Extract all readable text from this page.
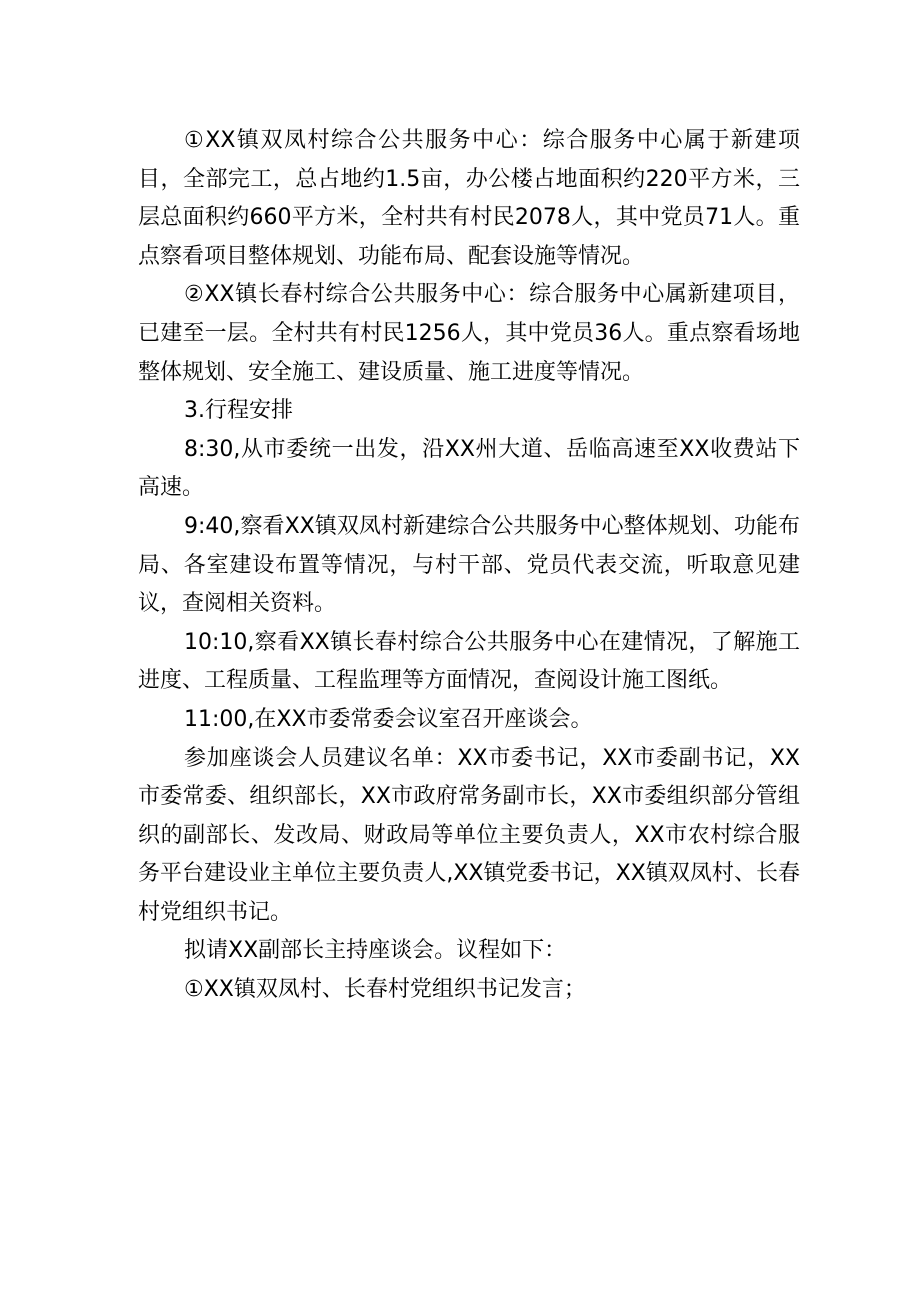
①XX镇双凤村综合公共服务中心：综合服务中心属于新建项目，全部完工，总占地约1.5亩，办公楼占地面积约220平方米，三层总面积约660平方米，全村共有村民2078人，其中党员71人。重点察看项目整体规划、功能布局、配套设施等情况。

②XX镇长春村综合公共服务中心：综合服务中心属新建项目，已建至一层。全村共有村民1256人，其中党员36人。重点察看场地整体规划、安全施工、建设质量、施工进度等情况。

3.行程安排

8:30,从市委统一出发，沿XX州大道、岳临高速至XX收费站下高速。

9:40,察看XX镇双凤村新建综合公共服务中心整体规划、功能布局、各室建设布置等情况，与村干部、党员代表交流，听取意见建议，查阅相关资料。

10:10,察看XX镇长春村综合公共服务中心在建情况，了解施工进度、工程质量、工程监理等方面情况，查阅设计施工图纸。

11:00,在XX市委常委会议室召开座谈会。

参加座谈会人员建议名单：XX市委书记，XX市委副书记，XX市委常委、组织部长，XX市政府常务副市长，XX市委组织部分管组织的副部长、发改局、财政局等单位主要负责人，XX市农村综合服务平台建设业主单位主要负责人,XX镇党委书记，XX镇双凤村、长春村党组织书记。

拟请XX副部长主持座谈会。议程如下：

①XX镇双凤村、长春村党组织书记发言；
